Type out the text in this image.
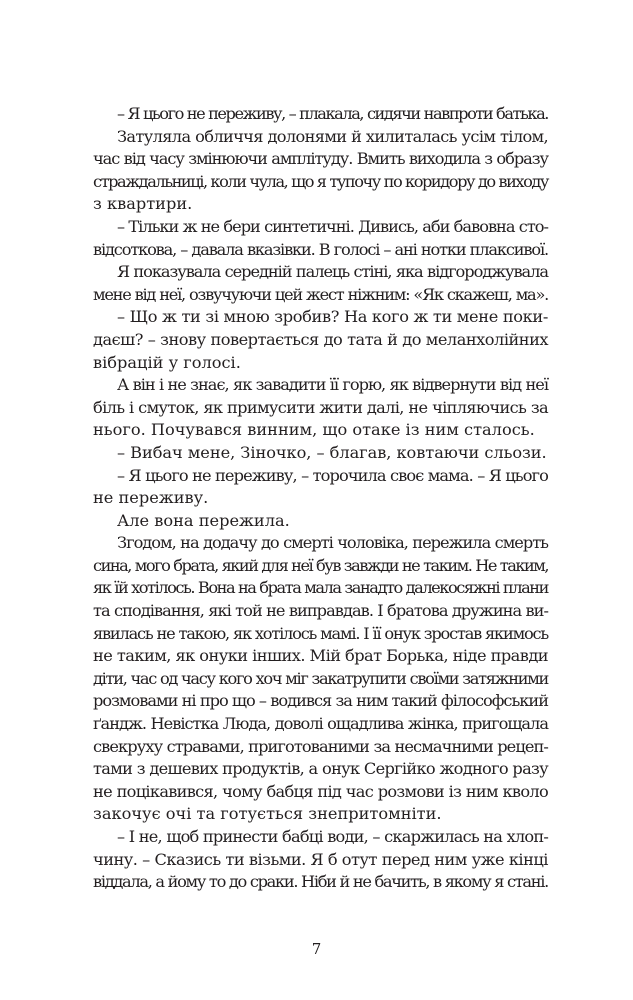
– Я цього не переживу, – плакала, сидячи навпроти батька.
Затуляла обличчя долонями й хилиталась усім тілом,
час від часу змінюючи амплітуду. Вмить виходила з образу
страждальниці, коли чула, що я тупочу по коридору до виходу
з квартири.
– Тільки ж не бери синтетичні. Дивись, аби бавовна сто-
відсоткова, – давала вказівки. В голосі – ані нотки плаксивої.
Я показувала середній палець стіні, яка відгороджувала
мене від неї, озвучуючи цей жест ніжним: «Як скажеш, ма».
– Що ж ти зі мною зробив? На кого ж ти мене поки-
даєш? – знову повертається до тата й до меланхолійних
вібрацій у голосі.
А він і не знає, як завадити її горю, як відвернути від неї
біль і смуток, як примусити жити далі, не чіпляючись за
нього. Почувався винним, що отаке із ним сталось.
– Вибач мене, Зіночко, – благав, ковтаючи сльози.
– Я цього не переживу, – торочила своє мама. – Я цього
не переживу.
Але вона пережила.
Згодом, на додачу до смерті чоловіка, пережила смерть
сина, мого брата, який для неї був завжди не таким. Не таким,
як їй хотілось. Вона на брата мала занадто далекосяжні плани
та сподівання, які той не виправдав. І братова дружина ви-
явилась не такою, як хотілось мамі. І її онук зростав якимось
не таким, як онуки інших. Мій брат Борька, ніде правди
діти, час од часу кого хоч міг закатрупити своїми затяжними
розмовами ні про що – водився за ним такий філософський
ґандж. Невістка Люда, доволі ощадлива жінка, пригощала
свекруху стравами, приготованими за несмачними рецеп-
тами з дешевих продуктів, а онук Сергійко жодного разу
не поцікавився, чому бабця під час розмови із ним кволо
закочує очі та готується знепритомніти.
– І не, щоб принести бабці води, – скаржилась на хлоп-
чину. – Сказись ти візьми. Я б отут перед ним уже кінці
віддала, а йому то до сраки. Ніби й не бачить, в якому я стані.
7
